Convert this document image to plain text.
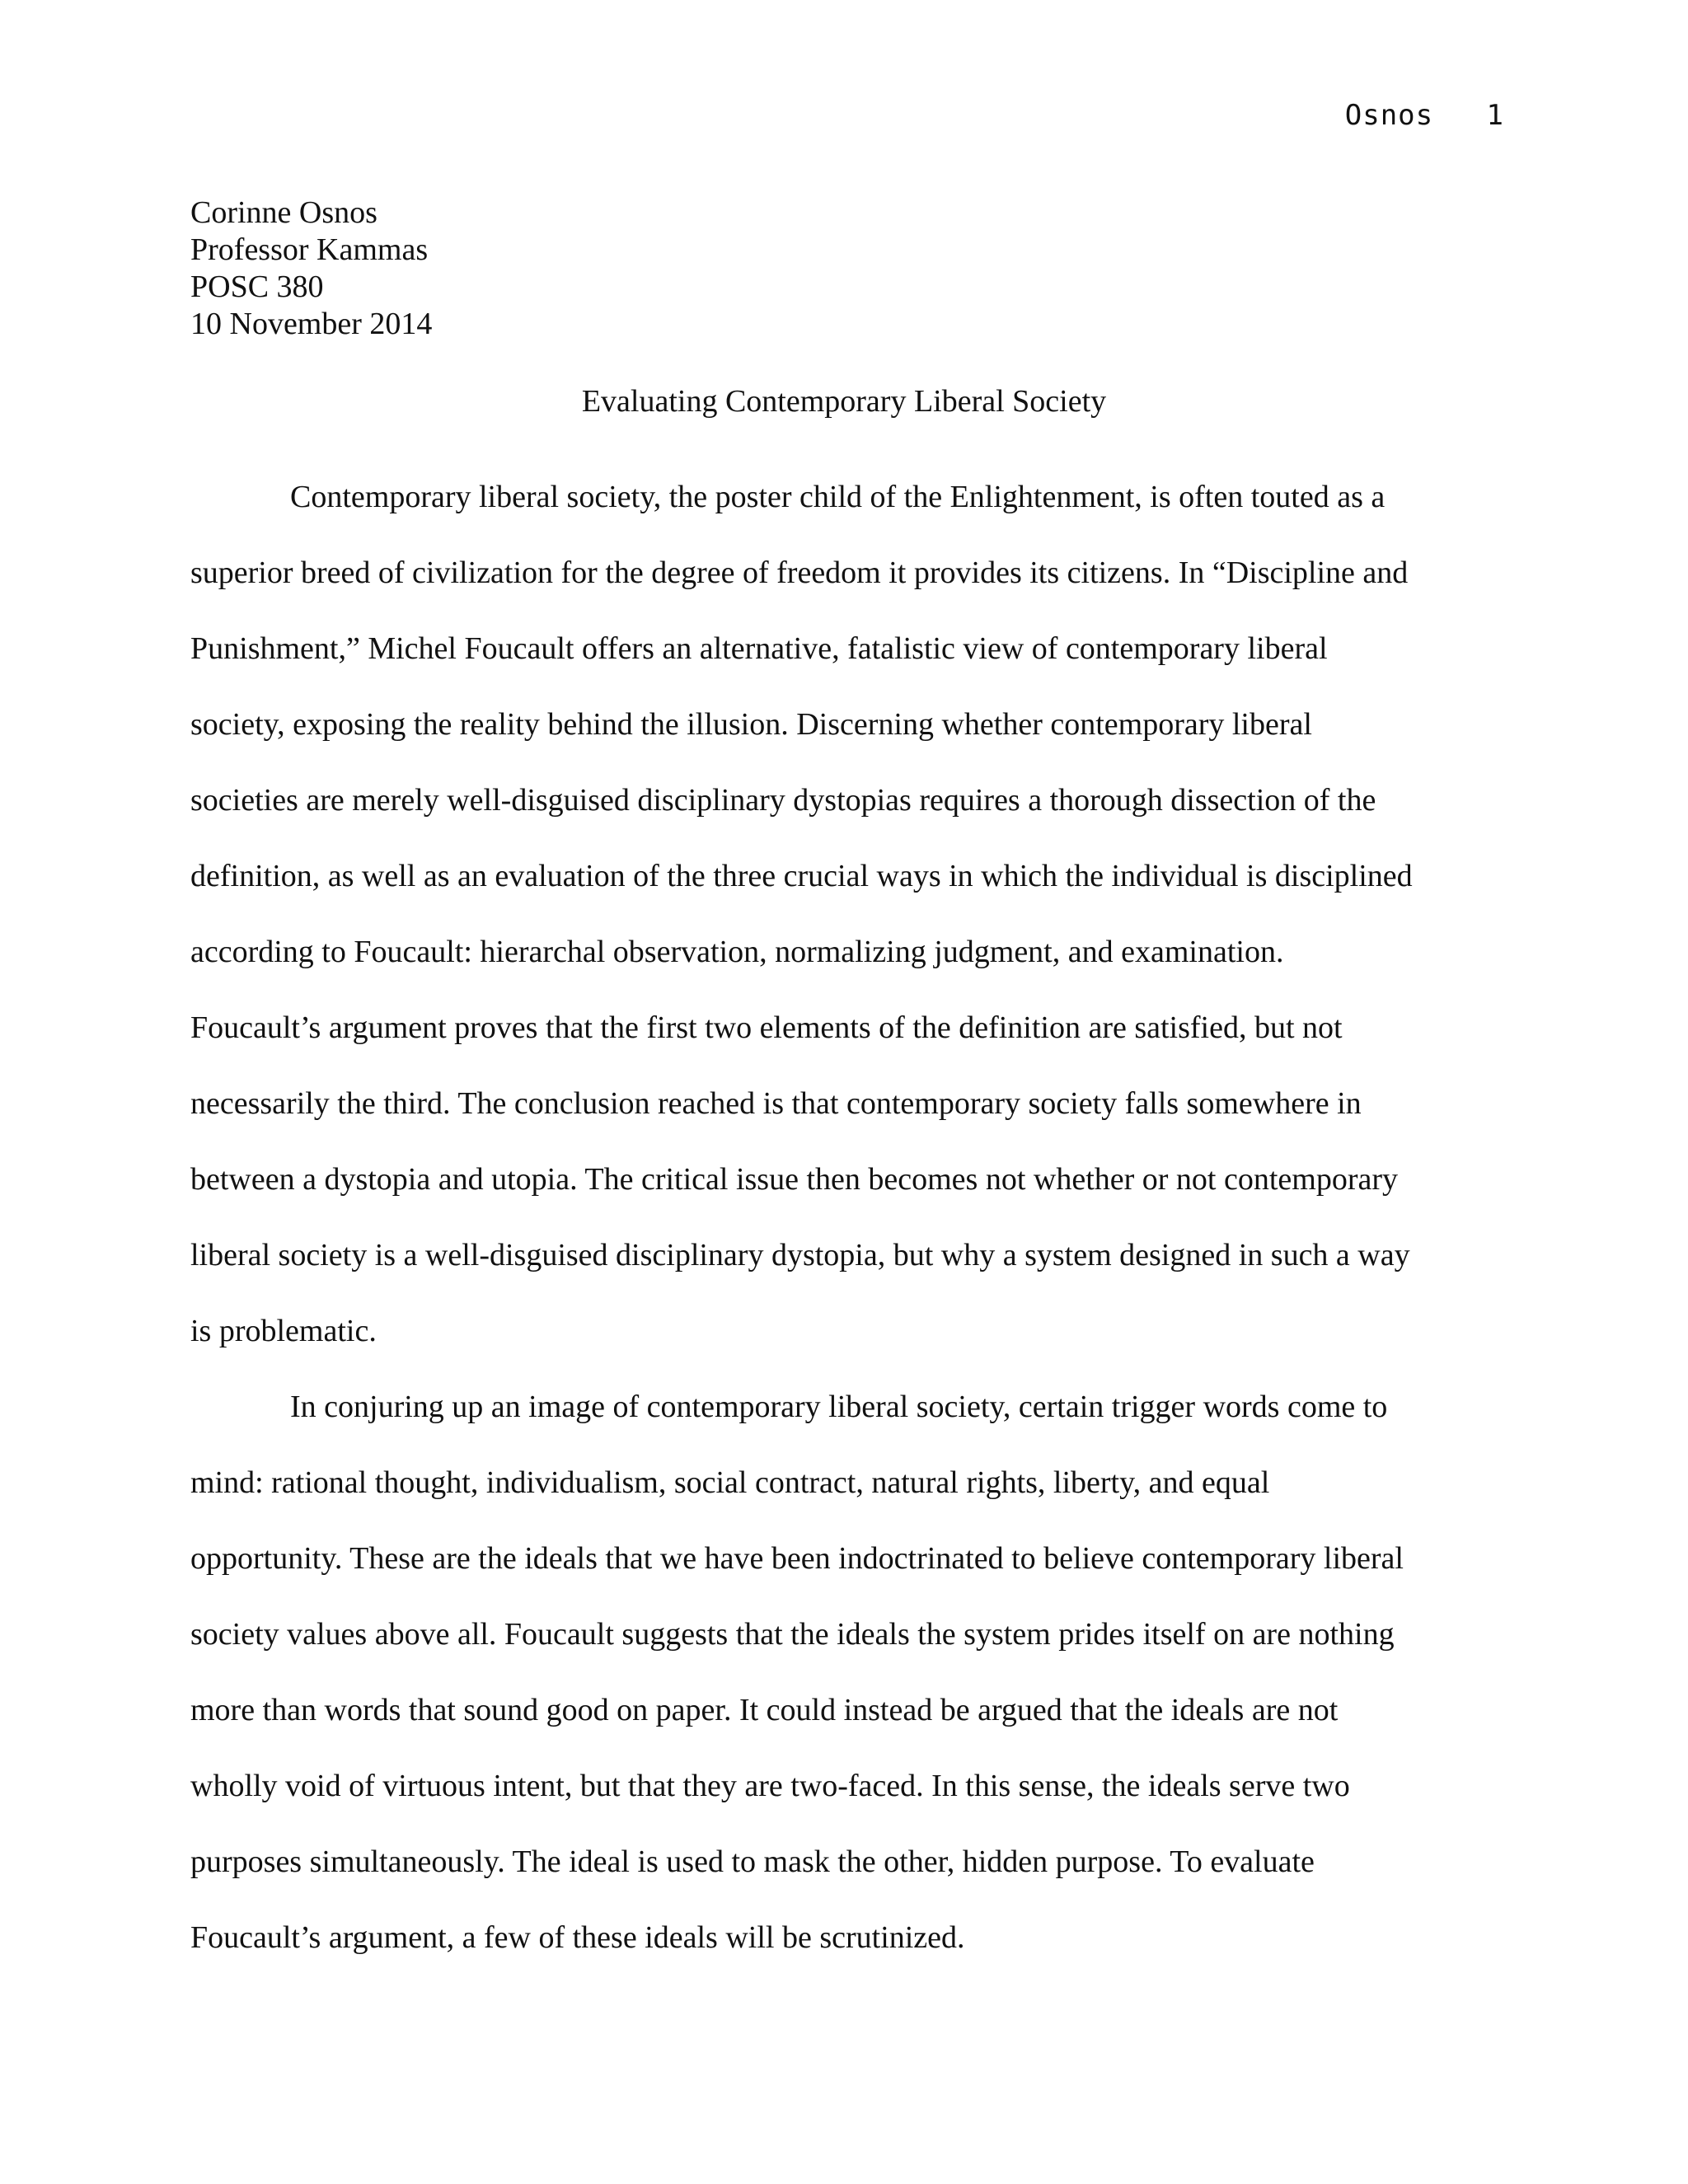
Osnos   1
Corinne Osnos
Professor Kammas
POSC 380
10 November 2014
Evaluating Contemporary Liberal Society
Contemporary liberal society, the poster child of the Enlightenment, is often touted as a
superior breed of civilization for the degree of freedom it provides its citizens. In “Discipline and
Punishment,” Michel Foucault offers an alternative, fatalistic view of contemporary liberal
society, exposing the reality behind the illusion. Discerning whether contemporary liberal
societies are merely well-disguised disciplinary dystopias requires a thorough dissection of the
definition, as well as an evaluation of the three crucial ways in which the individual is disciplined
according to Foucault: hierarchal observation, normalizing judgment, and examination.
Foucault’s argument proves that the first two elements of the definition are satisfied, but not
necessarily the third. The conclusion reached is that contemporary society falls somewhere in
between a dystopia and utopia. The critical issue then becomes not whether or not contemporary
liberal society is a well-disguised disciplinary dystopia, but why a system designed in such a way
is problematic.
In conjuring up an image of contemporary liberal society, certain trigger words come to
mind: rational thought, individualism, social contract, natural rights, liberty, and equal
opportunity. These are the ideals that we have been indoctrinated to believe contemporary liberal
society values above all. Foucault suggests that the ideals the system prides itself on are nothing
more than words that sound good on paper. It could instead be argued that the ideals are not
wholly void of virtuous intent, but that they are two-faced. In this sense, the ideals serve two
purposes simultaneously. The ideal is used to mask the other, hidden purpose. To evaluate
Foucault’s argument, a few of these ideals will be scrutinized.
